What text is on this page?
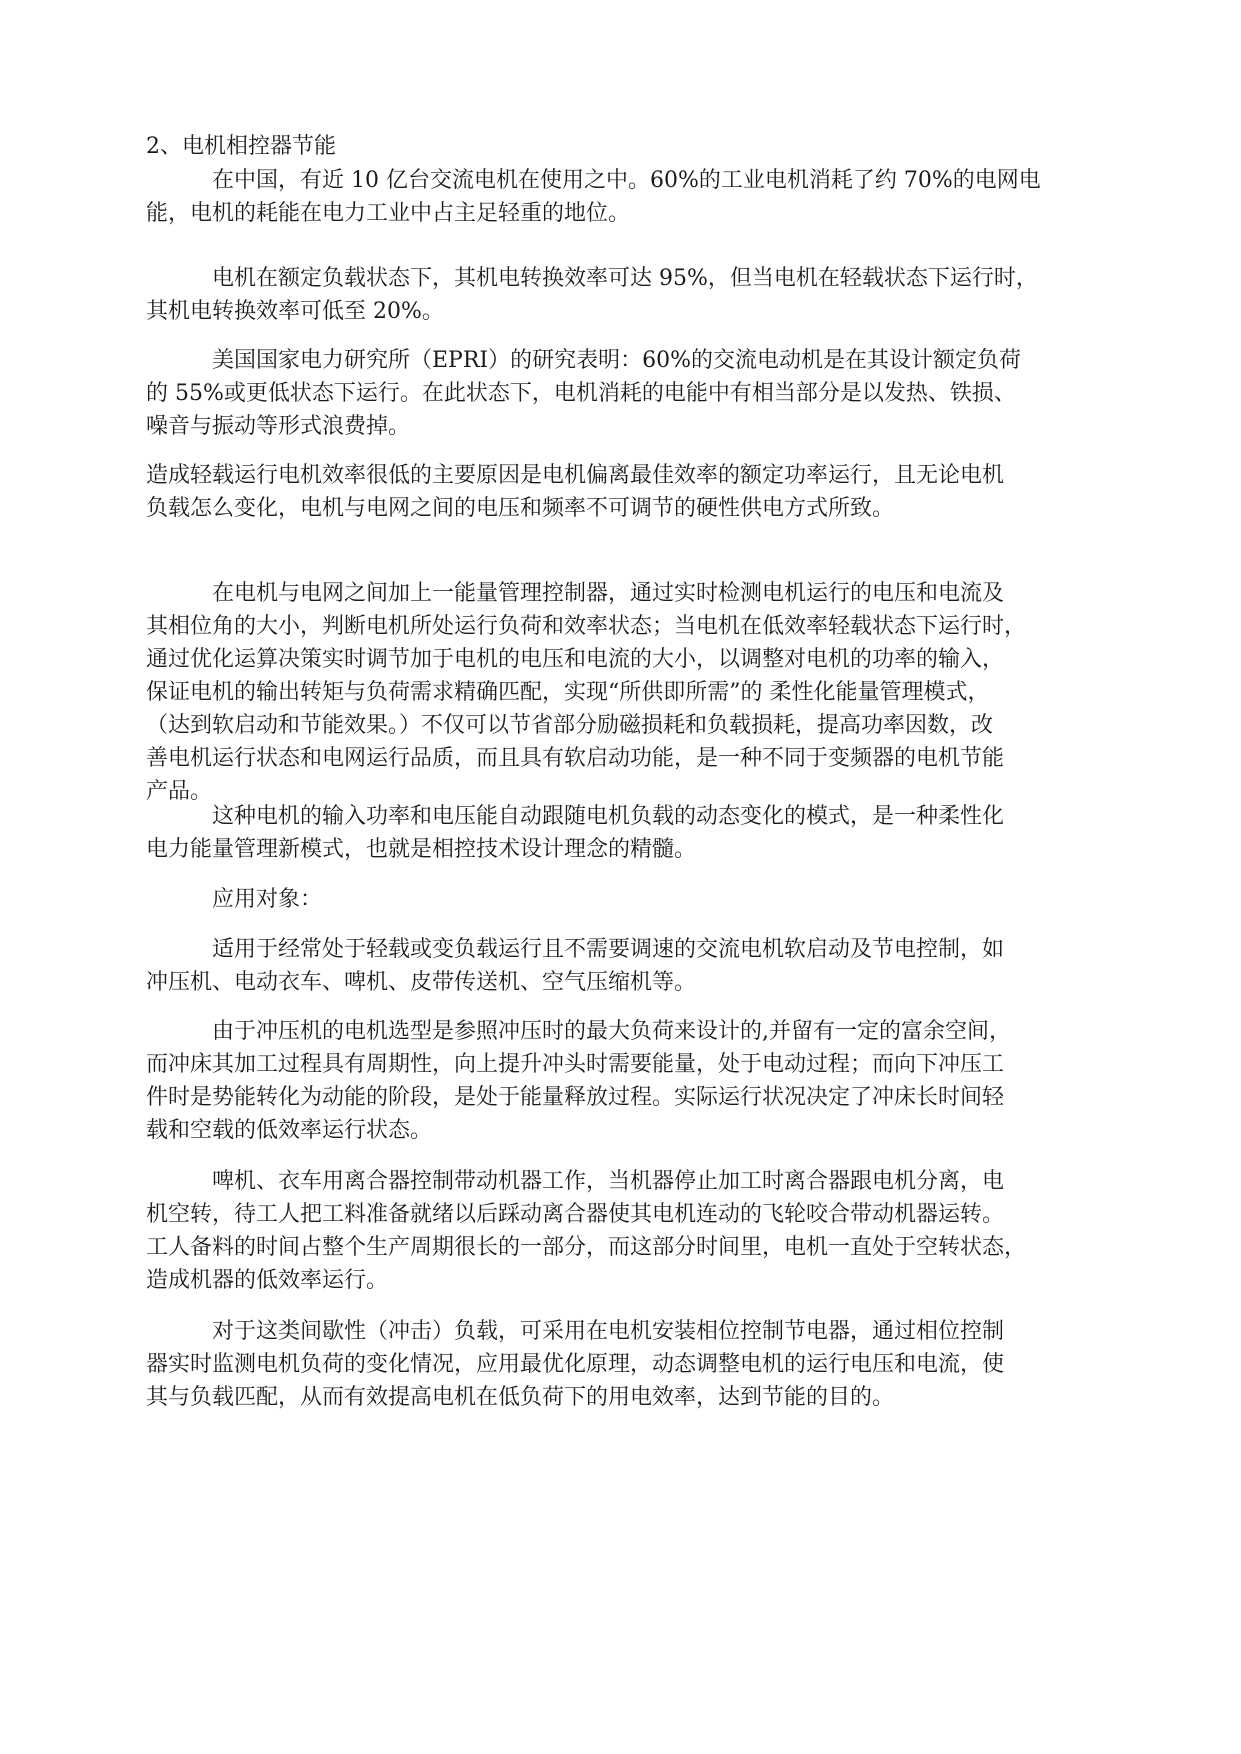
2、电机相控器节能
　　　在中国，有近 10 亿台交流电机在使用之中。60%的工业电机消耗了约 70%的电网电
能，电机的耗能在电力工业中占主足轻重的地位。
　　　电机在额定负载状态下，其机电转换效率可达 95%，但当电机在轻载状态下运行时，
其机电转换效率可低至 20%。
　　　美国国家电力研究所（EPRI）的研究表明：60%的交流电动机是在其设计额定负荷
的 55%或更低状态下运行。在此状态下，电机消耗的电能中有相当部分是以发热、铁损、
噪音与振动等形式浪费掉。
造成轻载运行电机效率很低的主要原因是电机偏离最佳效率的额定功率运行，且无论电机
负载怎么变化，电机与电网之间的电压和频率不可调节的硬性供电方式所致。
　　　在电机与电网之间加上一能量管理控制器，通过实时检测电机运行的电压和电流及
其相位角的大小，判断电机所处运行负荷和效率状态；当电机在低效率轻载状态下运行时，
通过优化运算决策实时调节加于电机的电压和电流的大小，以调整对电机的功率的输入，
保证电机的输出转矩与负荷需求精确匹配，实现“所供即所需”的 柔性化能量管理模式，
（达到软启动和节能效果。）不仅可以节省部分励磁损耗和负载损耗，提高功率因数，改
善电机运行状态和电网运行品质，而且具有软启动功能，是一种不同于变频器的电机节能
产品。
　　　这种电机的输入功率和电压能自动跟随电机负载的动态变化的模式，是一种柔性化
电力能量管理新模式，也就是相控技术设计理念的精髓。
　　　应用对象：
　　　适用于经常处于轻载或变负载运行且不需要调速的交流电机软启动及节电控制，如
冲压机、电动衣车、啤机、皮带传送机、空气压缩机等。
　　　由于冲压机的电机选型是参照冲压时的最大负荷来设计的,并留有一定的富余空间，
而冲床其加工过程具有周期性，向上提升冲头时需要能量，处于电动过程；而向下冲压工
件时是势能转化为动能的阶段，是处于能量释放过程。实际运行状况决定了冲床长时间轻
载和空载的低效率运行状态。
　　　啤机、衣车用离合器控制带动机器工作，当机器停止加工时离合器跟电机分离，电
机空转，待工人把工料准备就绪以后踩动离合器使其电机连动的飞轮咬合带动机器运转。
工人备料的时间占整个生产周期很长的一部分，而这部分时间里，电机一直处于空转状态，
造成机器的低效率运行。
　　　对于这类间歇性（冲击）负载，可采用在电机安装相位控制节电器，通过相位控制
器实时监测电机负荷的变化情况，应用最优化原理，动态调整电机的运行电压和电流，使
其与负载匹配，从而有效提高电机在低负荷下的用电效率，达到节能的目的。
